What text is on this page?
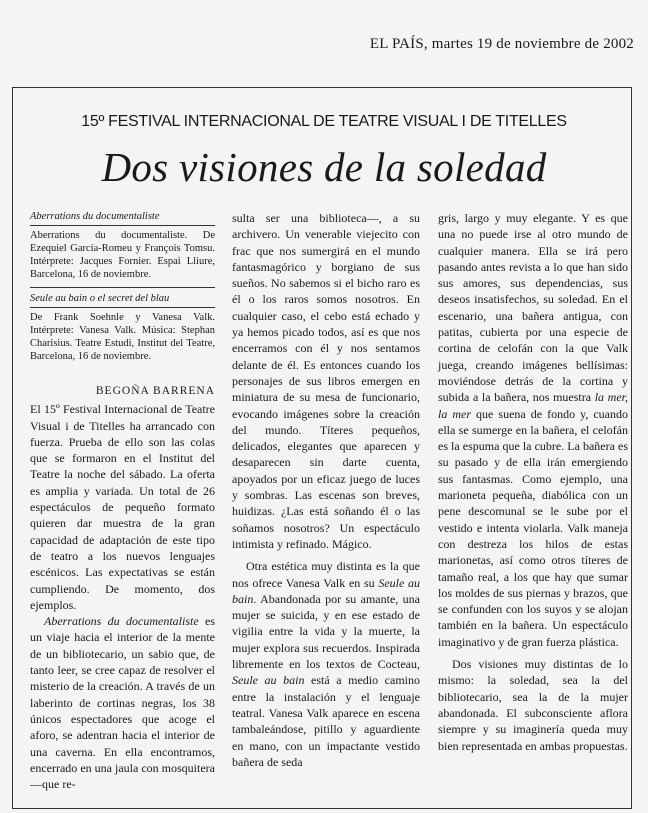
EL PAÍS, martes 19 de noviembre de 2002
15º FESTIVAL INTERNACIONAL DE TEATRE VISUAL I DE TITELLES
Dos visiones de la soledad
Aberrations du documentaliste

Aberrations du documentaliste. De Ezequiel García-Romeu y François Tomsu. Intérprete: Jacques Fornier. Espai Lliure, Barcelona, 16 de noviembre.

Seule au bain o el secret del blau

De Frank Soehnle y Vanesa Valk. Intérprete: Vanesa Valk. Música: Stephan Charisius. Teatre Estudi, Institut del Teatre, Barcelona, 16 de noviembre.

BEGOÑA BARRENA

El 15º Festival Internacional de Teatre Visual i de Titelles ha arrancado con fuerza. Prueba de ello son las colas que se formaron en el Institut del Teatre la noche del sábado. La oferta es amplia y variada. Un total de 26 espectáculos de pequeño formato quieren dar muestra de la gran capacidad de adaptación de este tipo de teatro a los nuevos lenguajes escénicos. Las expectativas se están cumpliendo. De momento, dos ejemplos.

Aberrations du documentaliste es un viaje hacia el interior de la mente de un bibliotecario, un sabio que, de tanto leer, se cree capaz de resolver el misterio de la creación. A través de un laberinto de cortinas negras, los 38 únicos espectadores que acoge el aforo, se adentran hacia el interior de una caverna. En ella encontramos, encerrado en una jaula con mosquitera —que re-

sulta ser una biblioteca—, a su archivero. Un venerable viejecito con frac que nos sumergirá en el mundo fantasmagórico y borgiano de sus sueños. No sabemos si el bicho raro es él o los raros somos nosotros. En cualquier caso, el cebo está echado y ya hemos picado todos, así es que nos encerramos con él y nos sentamos delante de él. Es entonces cuando los personajes de sus libros emergen en miniatura de su mesa de funcionario, evocando imágenes sobre la creación del mundo. Títeres pequeños, delicados, elegantes que aparecen y desaparecen sin darte cuenta, apoyados por un eficaz juego de luces y sombras. Las escenas son breves, huidizas. ¿Las está soñando él o las soñamos nosotros? Un espectáculo intimista y refinado. Mágico.

Otra estética muy distinta es la que nos ofrece Vanesa Valk en su Seule au bain. Abandonada por su amante, una mujer se suicida, y en ese estado de vigilia entre la vida y la muerte, la mujer explora sus recuerdos. Inspirada libremente en los textos de Cocteau, Seule au bain está a medio camino entre la instalación y el lenguaje teatral. Vanesa Valk aparece en escena tambaleándose, pitillo y aguardiente en mano, con un impactante vestido bañera de seda

gris, largo y muy elegante. Y es que una no puede irse al otro mundo de cualquier manera. Ella se irá pero pasando antes revista a lo que han sido sus amores, sus dependencias, sus deseos insatisfechos, su soledad. En el escenario, una bañera antigua, con patitas, cubierta por una especie de cortina de celofán con la que Valk juega, creando imágenes bellísimas: moviéndose detrás de la cortina y subida a la bañera, nos muestra la mer, la mer que suena de fondo y, cuando ella se sumerge en la bañera, el celofán es la espuma que la cubre. La bañera es su pasado y de ella irán emergiendo sus fantasmas. Como ejemplo, una marioneta pequeña, diabólica con un pene descomunal se le sube por el vestido e intenta violarla. Valk maneja con destreza los hilos de estas marionetas, así como otros títeres de tamaño real, a los que hay que sumar los moldes de sus piernas y brazos, que se confunden con los suyos y se alojan también en la bañera. Un espectáculo imaginativo y de gran fuerza plástica.

Dos visiones muy distintas de lo mismo: la soledad, sea la del bibliotecario, sea la de la mujer abandonada. El subconsciente aflora siempre y su imaginería queda muy bien representada en ambas propuestas.
